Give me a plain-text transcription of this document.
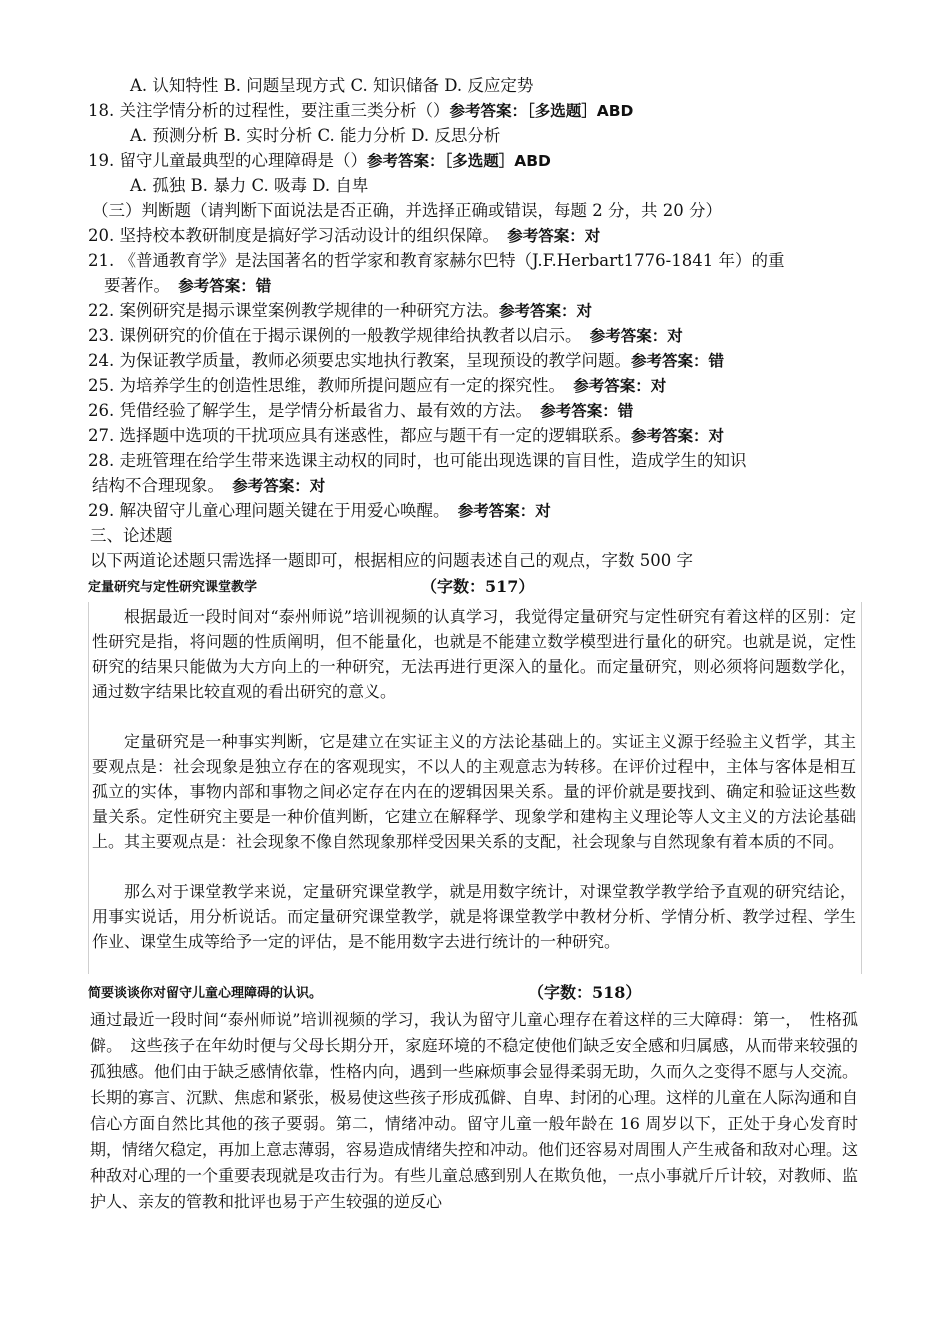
A. 认知特性 B. 问题呈现方式 C. 知识储备 D. 反应定势
18. 关注学情分析的过程性，要注重三类分析（）参考答案：［多选题］ABD
A. 预测分析 B. 实时分析 C. 能力分析 D. 反思分析
19. 留守儿童最典型的心理障碍是（）参考答案：［多选题］ABD
A. 孤独 B. 暴力 C. 吸毒 D. 自卑
（三）判断题（请判断下面说法是否正确，并选择正确或错误，每题 2 分，共 20 分）
20. 坚持校本教研制度是搞好学习活动设计的组织保障。　 参考答案：对
21. 《普通教育学》是法国著名的哲学家和教育家赫尔巴特（J.F.Herbart1776-1841 年）的重
要著作。　 参考答案：错
22. 案例研究是揭示课堂案例教学规律的一种研究方法。参考答案：对
23. 课例研究的价值在于揭示课例的一般教学规律给执教者以启示。　 参考答案：对
24. 为保证教学质量，教师必须要忠实地执行教案，呈现预设的教学问题。参考答案：错
25. 为培养学生的创造性思维，教师所提问题应有一定的探究性。　 参考答案：对
26. 凭借经验了解学生，是学情分析最省力、最有效的方法。　 参考答案：错
27. 选择题中选项的干扰项应具有迷惑性，都应与题干有一定的逻辑联系。参考答案：对
28. 走班管理在给学生带来选课主动权的同时，也可能出现选课的盲目性，造成学生的知识
结构不合理现象。　 参考答案：对
29. 解决留守儿童心理问题关键在于用爱心唤醒。　 参考答案：对
三、论述题
以下两道论述题只需选择一题即可，根据相应的问题表述自己的观点，字数 500 字
定量研究与定性研究课堂教学	（字数：517）
根据最近一段时间对“泰州师说”培训视频的认真学习，我觉得定量研究与定性研究有着这样的区别：定性研究是指，将问题的性质阐明，但不能量化，也就是不能建立数学模型进行量化的研究。也就是说，定性研究的结果只能做为大方向上的一种研究，无法再进行更深入的量化。而定量研究，则必须将问题数学化，通过数字结果比较直观的看出研究的意义。
定量研究是一种事实判断，它是建立在实证主义的方法论基础上的。实证主义源于经验主义哲学，其主要观点是：社会现象是独立存在的客观现实，不以人的主观意志为转移。在评价过程中，主体与客体是相互孤立的实体，事物内部和事物之间必定存在内在的逻辑因果关系。量的评价就是要找到、确定和验证这些数量关系。定性研究主要是一种价值判断，它建立在解释学、现象学和建构主义理论等人文主义的方法论基础上。其主要观点是：社会现象不像自然现象那样受因果关系的支配，社会现象与自然现象有着本质的不同。
那么对于课堂教学来说，定量研究课堂教学，就是用数字统计，对课堂教学教学给予直观的研究结论，用事实说话，用分析说话。而定量研究课堂教学，就是将课堂教学中教材分析、学情分析、教学过程、学生作业、课堂生成等给予一定的评估，是不能用数字去进行统计的一种研究。
简要谈谈你对留守儿童心理障碍的认识。	（字数：518）
通过最近一段时间“泰州师说”培训视频的学习，我认为留守儿童心理存在着这样的三大障碍：第一，　性格孤僻。　这些孩子在年幼时便与父母长期分开，家庭环境的不稳定使他们缺乏安全感和归属感，从而带来较强的孤独感。他们由于缺乏感情依靠，性格内向，遇到一些麻烦事会显得柔弱无助，久而久之变得不愿与人交流。长期的寡言、沉默、焦虑和紧张，极易使这些孩子形成孤僻、自卑、封闭的心理。这样的儿童在人际沟通和自信心方面自然比其他的孩子要弱。第二，情绪冲动。留守儿童一般年龄在 16 周岁以下，正处于身心发育时期，情绪欠稳定，再加上意志薄弱，容易造成情绪失控和冲动。他们还容易对周围人产生戒备和敌对心理。这种敌对心理的一个重要表现就是攻击行为。有些儿童总感到别人在欺负他，一点小事就斤斤计较，对教师、监护人、亲友的管教和批评也易于产生较强的逆反心
